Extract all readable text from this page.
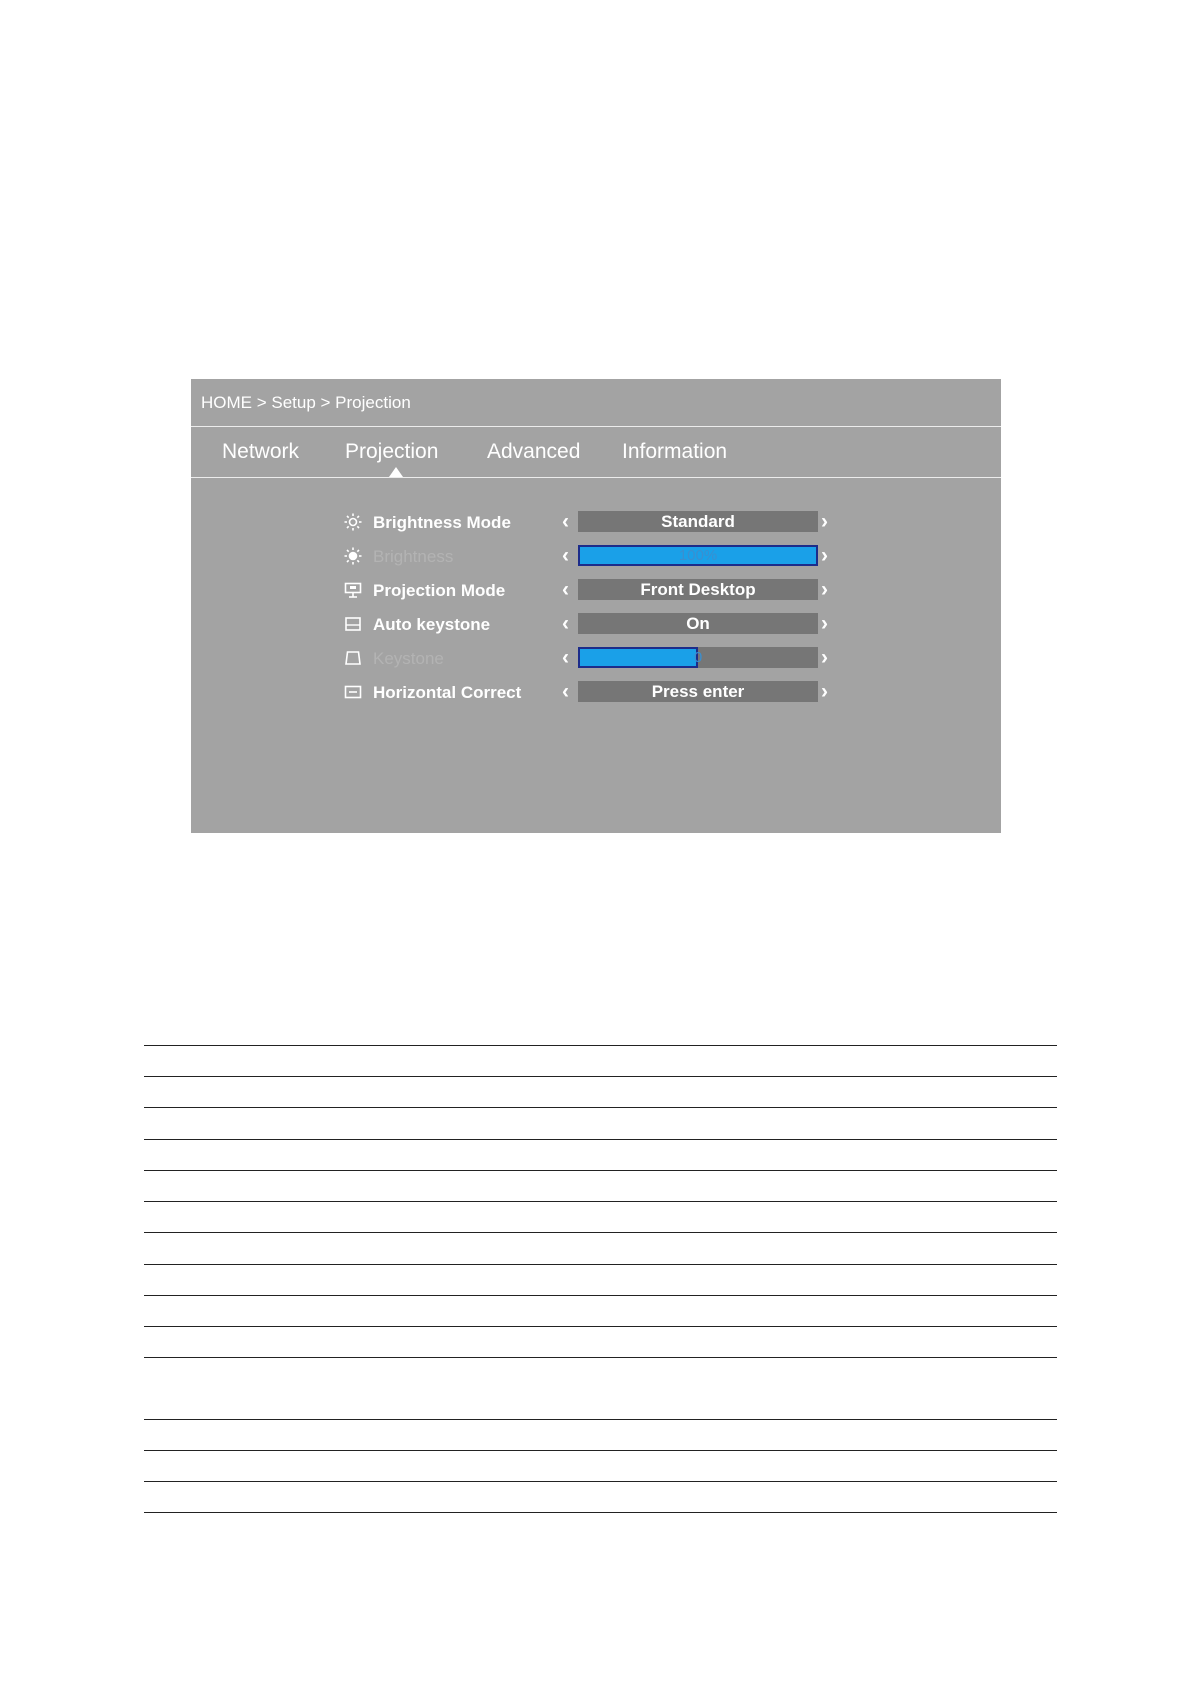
HOME > Setup > Projection
Network Projection Advanced Information
Brightness Mode ‹	Standard	›
Brightness	‹	100%	›
Projection Mode	‹	Front Desktop	›
Auto keystone	‹	On	›
Keystone	‹	0	›
Horizontal Correct ‹	Press enter	›
